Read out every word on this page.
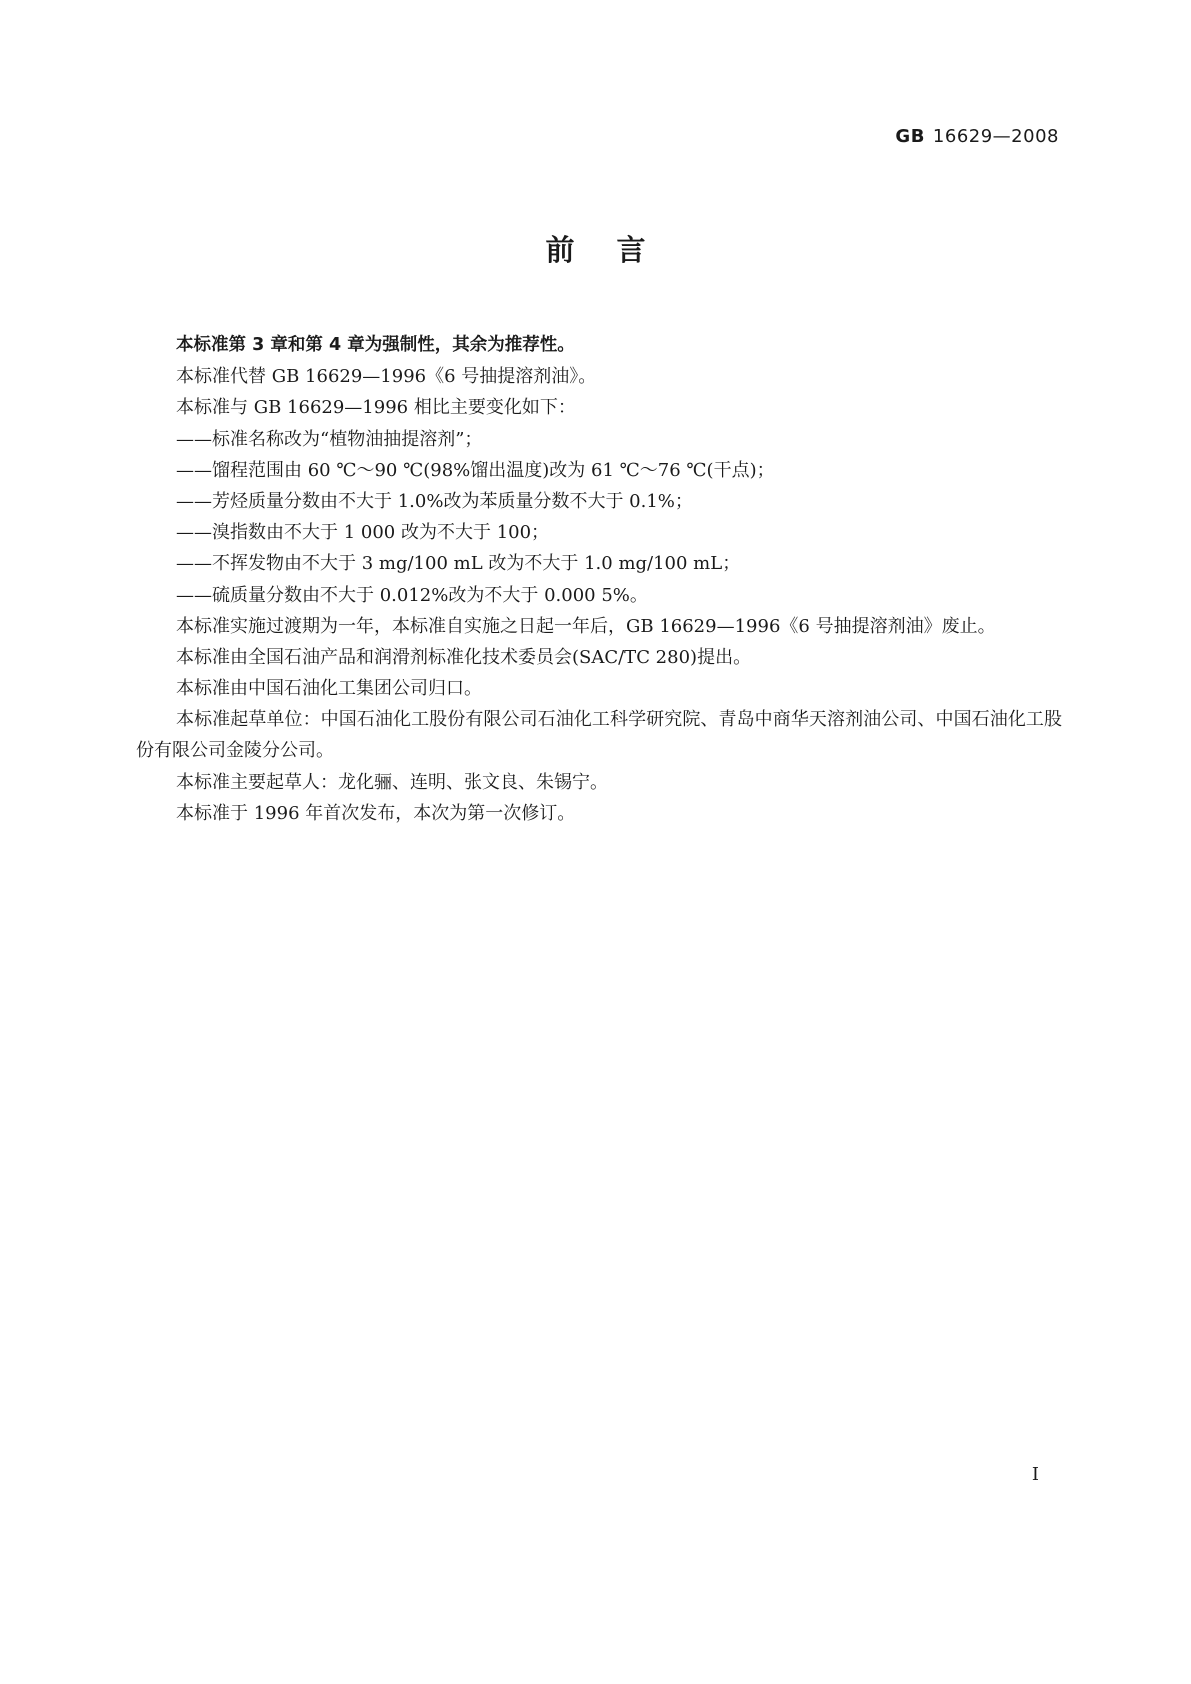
GB 16629—2008
前言
本标准第 3 章和第 4 章为强制性，其余为推荐性。
本标准代替 GB 16629—1996《6 号抽提溶剂油》。
本标准与 GB 16629—1996 相比主要变化如下：
——标准名称改为“植物油抽提溶剂”；
——馏程范围由 60 ℃～90 ℃(98%馏出温度)改为 61 ℃～76 ℃(干点)；
——芳烃质量分数由不大于 1.0%改为苯质量分数不大于 0.1%；
——溴指数由不大于 1 000 改为不大于 100；
——不挥发物由不大于 3 mg/100 mL 改为不大于 1.0 mg/100 mL；
——硫质量分数由不大于 0.012%改为不大于 0.000 5%。
本标准实施过渡期为一年，本标准自实施之日起一年后，GB 16629—1996《6 号抽提溶剂油》废止。
本标准由全国石油产品和润滑剂标准化技术委员会(SAC/TC 280)提出。
本标准由中国石油化工集团公司归口。
本标准起草单位：中国石油化工股份有限公司石油化工科学研究院、青岛中商华天溶剂油公司、中国石油化工股份有限公司金陵分公司。
本标准主要起草人：龙化骊、连明、张文良、朱锡宁。
本标准于 1996 年首次发布，本次为第一次修订。
I
